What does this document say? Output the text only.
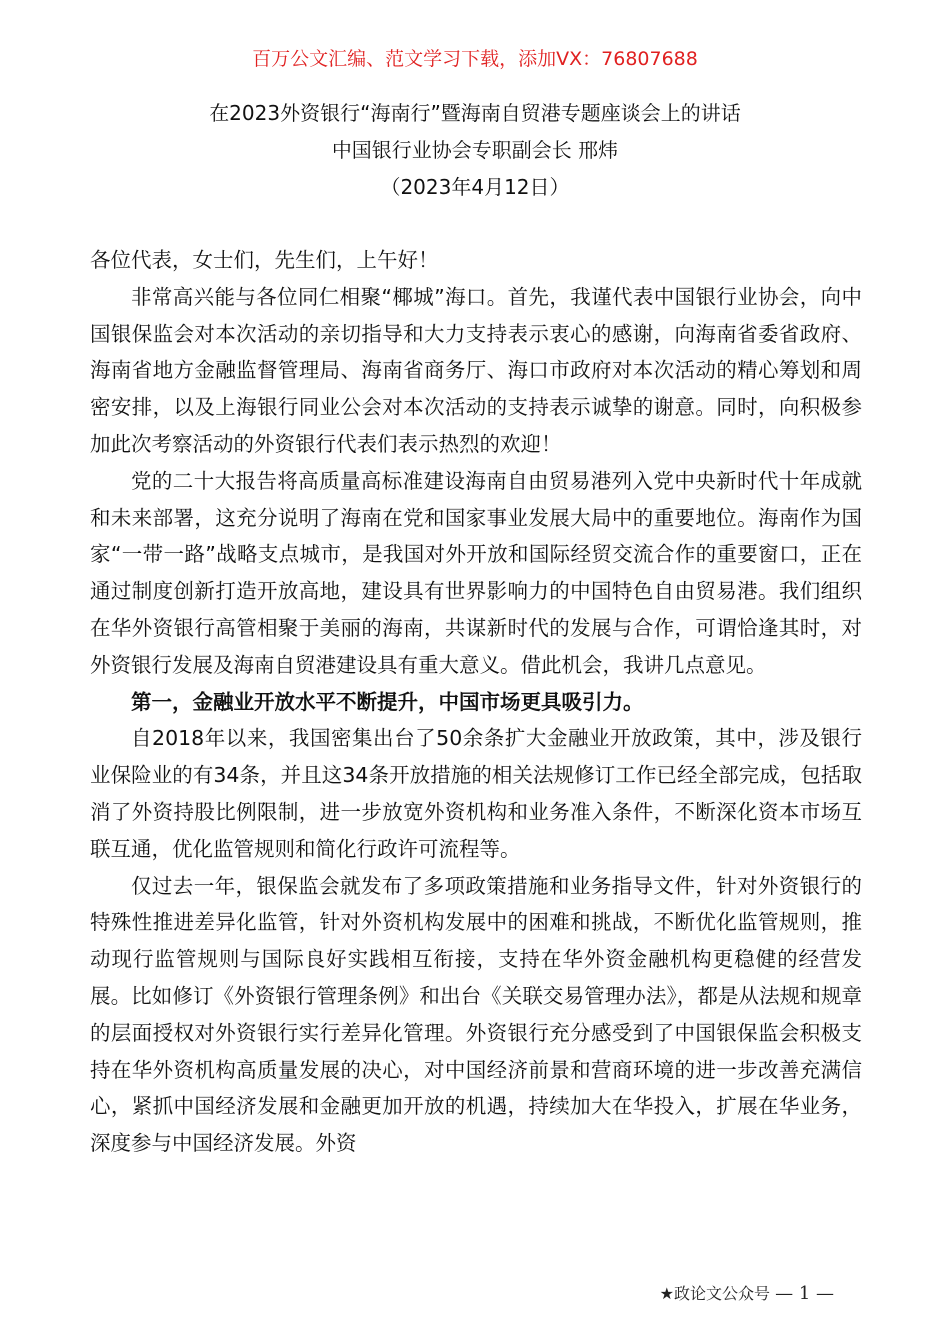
百万公文汇编、范文学习下载，添加VX：76807688
在2023外资银行“海南行”暨海南自贸港专题座谈会上的讲话
中国银行业协会专职副会长 邢炜
（2023年4月12日）

各位代表，女士们，先生们，上午好！

非常高兴能与各位同仁相聚“椰城”海口。首先，我谨代表中国银行业协会，向中国银保监会对本次活动的亲切指导和大力支持表示衷心的感谢，向海南省委省政府、海南省地方金融监督管理局、海南省商务厅、海口市政府对本次活动的精心筹划和周密安排，以及上海银行同业公会对本次活动的支持表示诚挚的谢意。同时，向积极参加此次考察活动的外资银行代表们表示热烈的欢迎！

党的二十大报告将高质量高标准建设海南自由贸易港列入党中央新时代十年成就和未来部署，这充分说明了海南在党和国家事业发展大局中的重要地位。海南作为国家“一带一路”战略支点城市，是我国对外开放和国际经贸交流合作的重要窗口，正在通过制度创新打造开放高地，建设具有世界影响力的中国特色自由贸易港。我们组织在华外资银行高管相聚于美丽的海南，共谋新时代的发展与合作，可谓恰逢其时，对外资银行发展及海南自贸港建设具有重大意义。借此机会，我讲几点意见。

第一，金融业开放水平不断提升，中国市场更具吸引力。

自2018年以来，我国密集出台了50余条扩大金融业开放政策，其中，涉及银行业保险业的有34条，并且这34条开放措施的相关法规修订工作已经全部完成，包括取消了外资持股比例限制，进一步放宽外资机构和业务准入条件，不断深化资本市场互联互通，优化监管规则和简化行政许可流程等。

仅过去一年，银保监会就发布了多项政策措施和业务指导文件，针对外资银行的特殊性推进差异化监管，针对外资机构发展中的困难和挑战，不断优化监管规则，推动现行监管规则与国际良好实践相互衔接，支持在华外资金融机构更稳健的经营发展。比如修订《外资银行管理条例》和出台《关联交易管理办法》，都是从法规和规章的层面授权对外资银行实行差异化管理。外资银行充分感受到了中国银保监会积极支持在华外资机构高质量发展的决心，对中国经济前景和营商环境的进一步改善充满信心，紧抓中国经济发展和金融更加开放的机遇，持续加大在华投入，扩展在华业务，深度参与中国经济发展。外资

★政论文公众号 — 1 —
